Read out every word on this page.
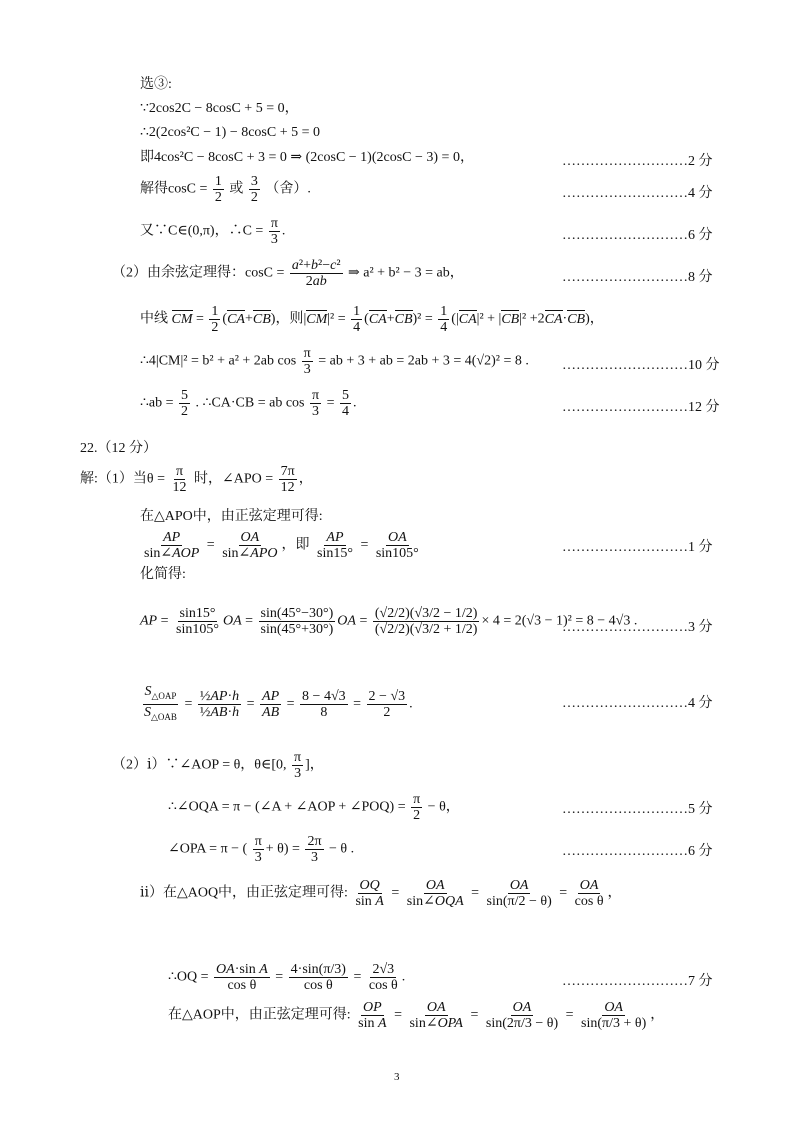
选③:
∵2cos2C − 8cosC + 5 = 0，
∴2(2cos²C − 1) − 8cosC + 5 = 0
即4cos²C − 8cosC + 3 = 0 ⇒ (2cosC − 1)(2cosC − 3) = 0，	………………………2 分
解得$\cos C = \frac{1}{2}$ 或 $\frac{3}{2}$ （舍）.	………………………4 分
又∵C∈(0,π)，∴C = $\frac{\pi}{3}$ .	………………………6 分
（2）由余弦定理得：$\cos C = \frac{\text{a²+b²−c²}}{2ab}$ ⇒ a² + b² − 3 = ab，	………………………8 分
中线 CM = $\frac{1}{2} (CA+CB)$，则$|CM|^2 = \frac{1}{4} (CA+CB)^2 = \frac{1}{4} (|CA|^2 + |CB|^2 +2CA\cdot CB)$，
∴4|CM|² = b² + a² + 2ab $\cos \frac{\pi}{3}$ = ab + 3 + ab = 2ab + 3 = 4(√2)² = 8 . ………………………10 分
∴ab = $\frac{5}{2}$ . ∴CA·CB = ab $\cos \frac{\pi}{3} = \frac{5}{4}$ .	………………………12 分
22.（12 分）
解:（1）当$\theta = \frac{\pi}{12}$ 时，∠APO = $\frac{7\pi}{12}$ ，
在△APO中，由正弦定理可得:
AP
sin∠AOP
=
OA
sin∠APO
，即 $\frac{AP}{\sin 15^\circ} = \frac{OA}{\sin 105^\circ}$	………………………1 分
化简得:
AP = $\frac{\sin 15^\circ}{\sin 105^\circ}$ OA = $\frac{\sin(45^\circ-30^\circ)}{\sin(45^\circ+30^\circ)}$ OA = $\frac{(√2/2)(√3/2 - 1/2)}{(√2/2)(√3/2 + 1/2)} \times 4 = 2(√3 - 1)^2 = 8 - 4√3$ .
………………………3 分
$S_{\triangle OAP}$
$S_{\triangle OAB}$
= $\frac{\text{½AP·h}}{\text{½AB·h}} = \frac{AP}{AB} = \frac{8 - 4√3}{8} = \frac{2 - √3}{2}$ .	………………………4 分
（2）ⅰ）∵∠AOP = θ，θ∈[0, $\frac{\pi}{3}$ ]，
∴∠OQA = π − (∠A + ∠AOP + ∠POQ) = $\frac{\pi}{2} - \theta$，	………………………5 分
∠OPA = π − ( $\frac{\pi}{3} + \theta) = \frac{2\pi}{3} - \theta$ .	………………………6 分
ⅱ）在△AOQ中，由正弦定理可得: $\frac{OQ}{\text{sin A}}$ =
OA
sin∠OQA
= $\frac{OA}{\sin(\pi/2 - \theta)} = \frac{OA}{\text{cos θ}}$ ，
∴OQ = $\frac{\text{OA·sin A}}{\text{cos θ}} = \frac{4\cdot\sin(\pi/3)}{\text{cos θ}} = \frac{2√3}{\text{cos θ}}$ .	………………………7 分
在△AOP中，由正弦定理可得: $\frac{OP}{\text{sin A}}$ =
OA
sin∠OPA
= $\frac{OA}{\sin(2\pi/3 - \theta)} = \frac{OA}{\sin(\pi/3 + \theta)}$ ，
3
